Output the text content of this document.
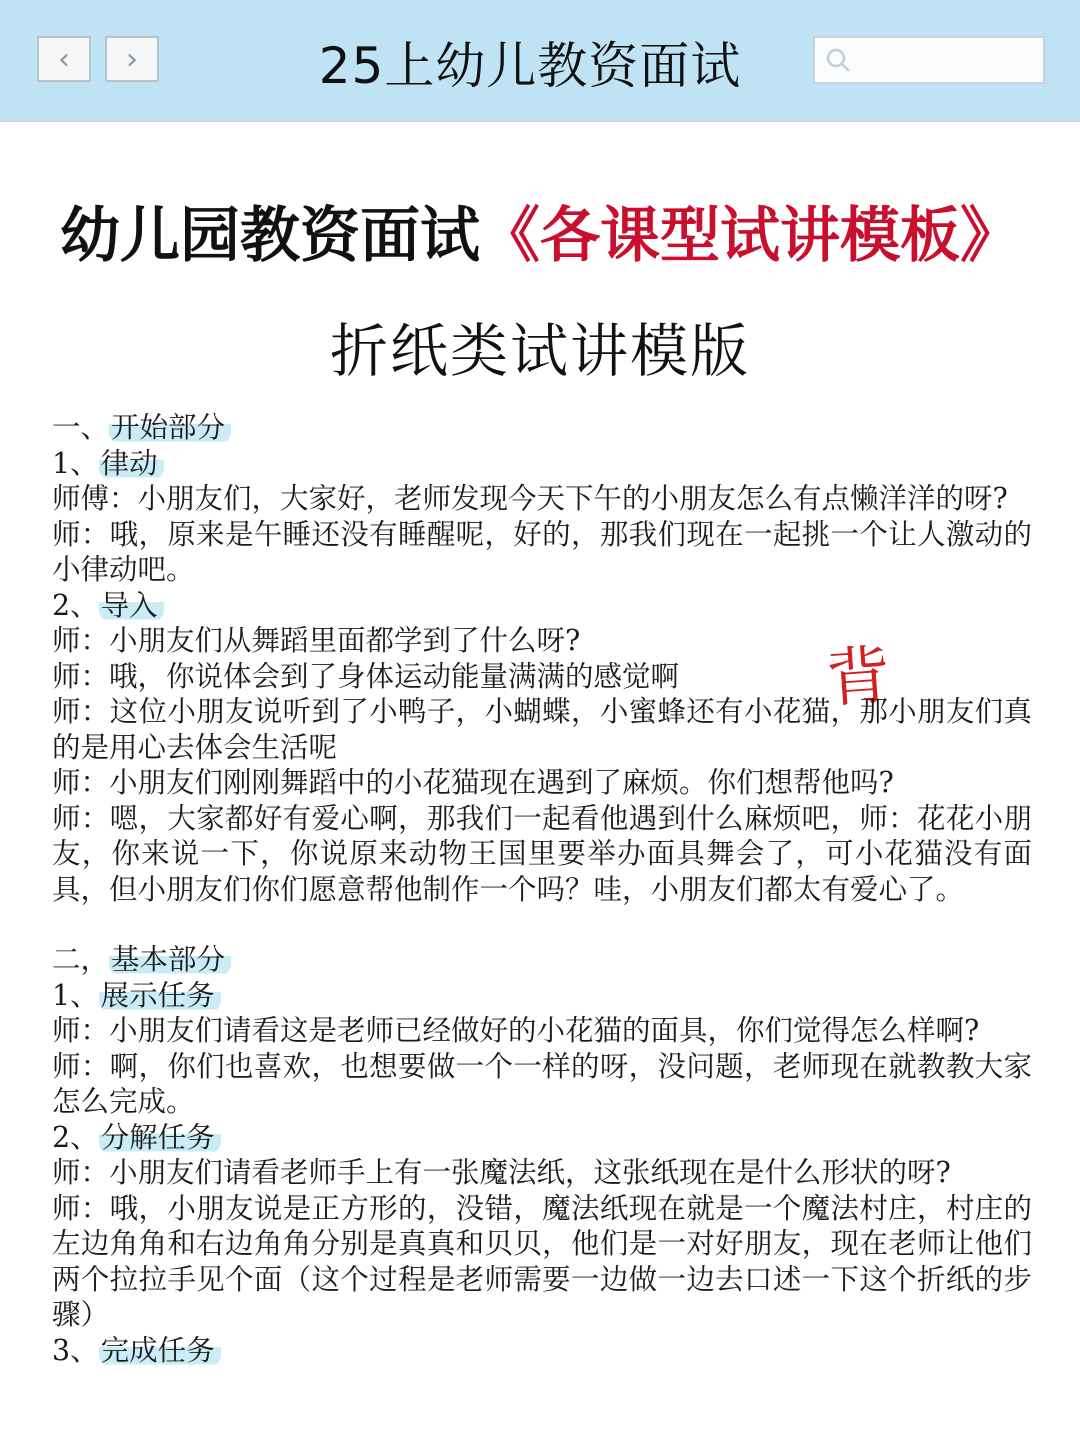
‹ ›	25上幼儿教资面试
幼儿园教资面试《各课型试讲模板》
折纸类试讲模版
背

一、开始部分

1、律动

师傅：小朋友们，大家好，老师发现今天下午的小朋友怎么有点懒洋洋的呀?

师：哦，原来是午睡还没有睡醒呢，好的，那我们现在一起挑一个让人激动的小律动吧。

2、导入

师：小朋友们从舞蹈里面都学到了什么呀?

师：哦，你说体会到了身体运动能量满满的感觉啊

师：这位小朋友说听到了小鸭子，小蝴蝶，小蜜蜂还有小花猫，那小朋友们真的是用心去体会生活呢

师：小朋友们刚刚舞蹈中的小花猫现在遇到了麻烦。你们想帮他吗?

师：嗯，大家都好有爱心啊，那我们一起看他遇到什么麻烦吧，师：花花小朋友，你来说一下，你说原来动物王国里要举办面具舞会了，可小花猫没有面具，但小朋友们你们愿意帮他制作一个吗？哇，小朋友们都太有爱心了。

二，基本部分

1、展示任务

师：小朋友们请看这是老师已经做好的小花猫的面具，你们觉得怎么样啊?

师：啊，你们也喜欢，也想要做一个一样的呀，没问题，老师现在就教教大家怎么完成。

2、分解任务

师：小朋友们请看老师手上有一张魔法纸，这张纸现在是什么形状的呀?

师：哦，小朋友说是正方形的，没错，魔法纸现在就是一个魔法村庄，村庄的左边角角和右边角角分别是真真和贝贝，他们是一对好朋友，现在老师让他们两个拉拉手见个面（这个过程是老师需要一边做一边去口述一下这个折纸的步骤）

3、完成任务
